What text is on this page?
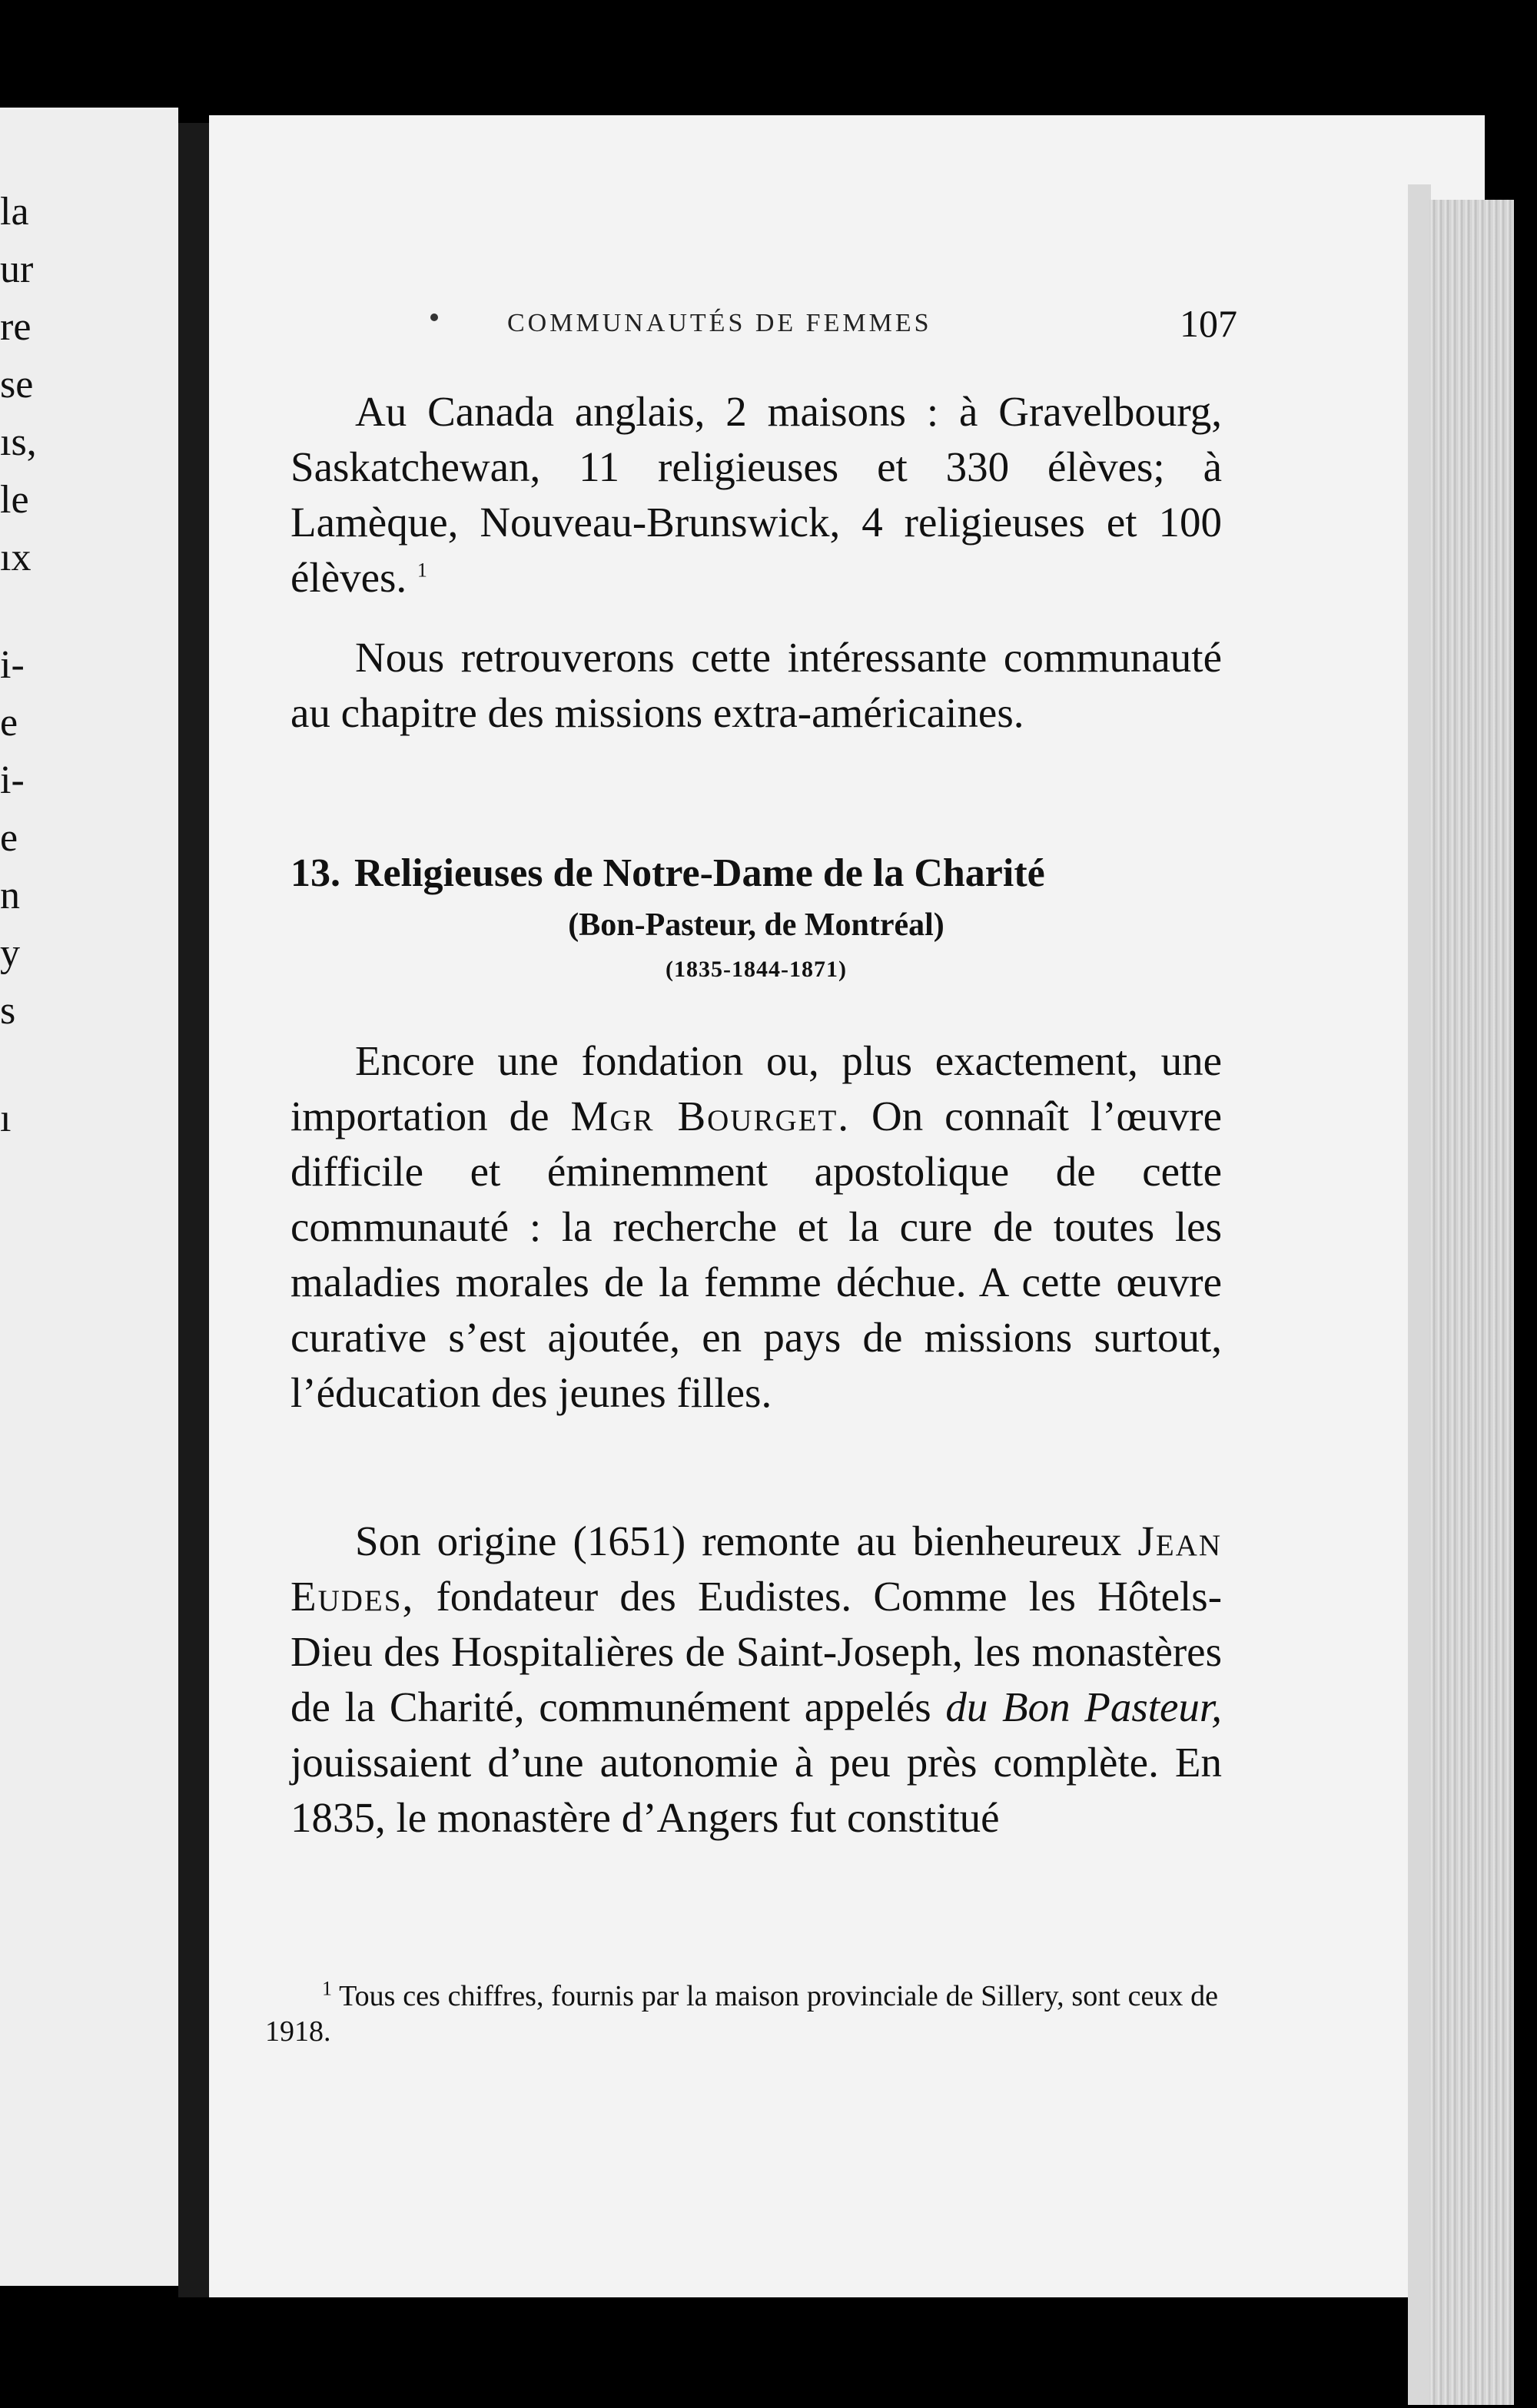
la
ur
re
se
ıs,
le
ıx
i-
e
i-
e
n
y
s
ı
COMMUNAUTÉS DE FEMMES	107
Au Canada anglais, 2 maisons : à Gravelbourg, Saskatchewan, 11 religieuses et 330 élèves; à Lamèque, Nouveau-Brunswick, 4 religieuses et 100 élèves. $^1$
Nous retrouverons cette intéressante communauté au chapitre des missions extra-américaines.
13. Religieuses de Notre-Dame de la Charité
(Bon-Pasteur, de Montréal)
(1835-1844-1871)
Encore une fondation ou, plus exactement, une importation de Mgr Bourget. On connaît l’œuvre difficile et éminemment apostolique de cette communauté : la recherche et la cure de toutes les maladies morales de la femme déchue. A cette œuvre curative s’est ajoutée, en pays de missions surtout, l’éducation des jeunes filles.
Son origine (1651) remonte au bienheureux Jean Eudes, fondateur des Eudistes. Comme les Hôtels-Dieu des Hospitalières de Saint-Joseph, les monastères de la Charité, communément appelés du Bon Pasteur, jouissaient d’une autonomie à peu près complète. En 1835, le monastère d’Angers fut constitué
$^1$ Tous ces chiffres, fournis par la maison provinciale de Sillery, sont ceux de 1918.
